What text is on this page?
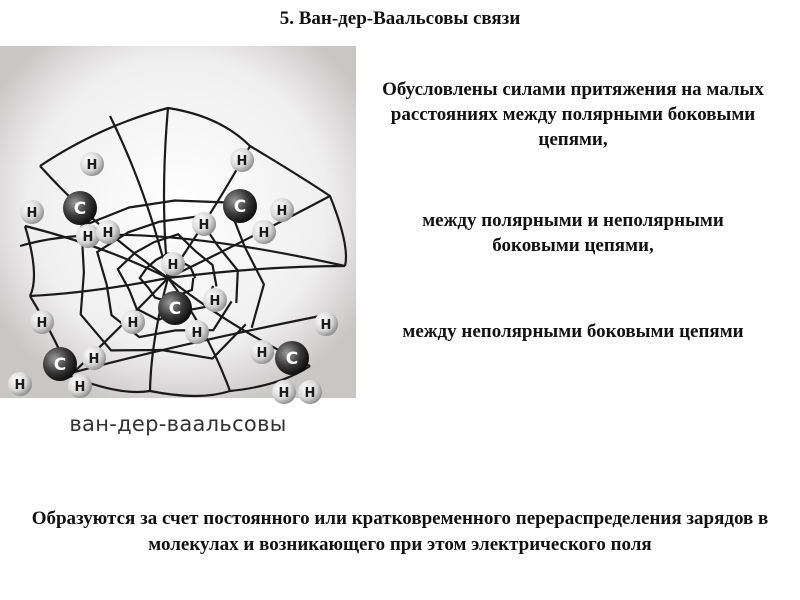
5. Ван-дер-Ваальсовы связи
H
H
H H
C
H
H
H
H
C
H
H
H
H
C
H
H
H
H
C
H
H
H H
C
ван-дер-ваальсовы
Обусловлены силами притяжения на малых расстояниях между полярными боковыми цепями,
между полярными и неполярными боковыми цепями,
между неполярными боковыми цепями
Образуются за счет постоянного или кратковременного перераспределения зарядов в молекулах и возникающего при этом электрического поля
